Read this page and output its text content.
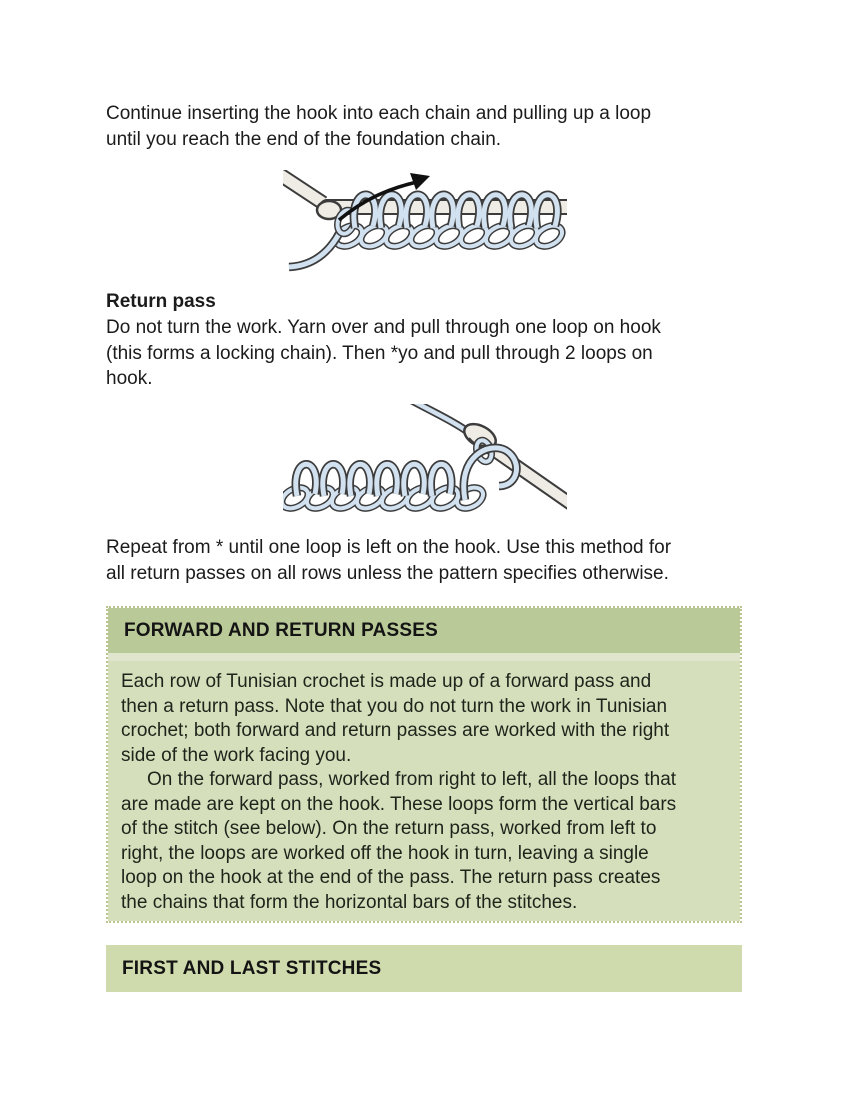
Continue inserting the hook into each chain and pulling up a loop
until you reach the end of the foundation chain.
Return pass
Do not turn the work. Yarn over and pull through one loop on hook
(this forms a locking chain). Then *yo and pull through 2 loops on
hook.
Repeat from * until one loop is left on the hook. Use this method for
all return passes on all rows unless the pattern specifies otherwise.
FORWARD AND RETURN PASSES
Each row of Tunisian crochet is made up of a forward pass and
then a return pass. Note that you do not turn the work in Tunisian
crochet; both forward and return passes are worked with the right
side of the work facing you.
On the forward pass, worked from right to left, all the loops that
are made are kept on the hook. These loops form the vertical bars
of the stitch (see below). On the return pass, worked from left to
right, the loops are worked off the hook in turn, leaving a single
loop on the hook at the end of the pass. The return pass creates
the chains that form the horizontal bars of the stitches.
FIRST AND LAST STITCHES
